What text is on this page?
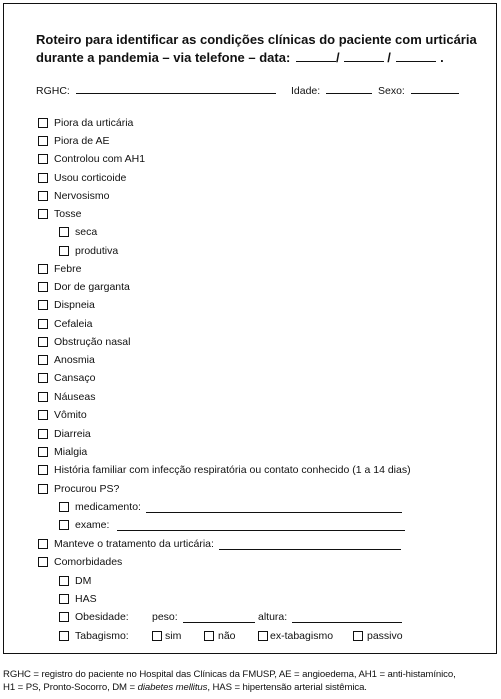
Roteiro para identificar as condições clínicas do paciente com urticária
durante a pandemia – via telefone – data:	/	/	.
RGHC:	Idade:	Sexo:
Piora da urticária
Piora de AE
Controlou com AH1
Usou corticoide
Nervosismo
Tosse
seca
produtiva
Febre
Dor de garganta
Dispneia
Cefaleia
Obstrução nasal
Anosmia
Cansaço
Náuseas
Vômito
Diarreia
Mialgia
História familiar com infecção respiratória ou contato conhecido (1 a 14 dias)
Procurou PS?
medicamento:
exame:
Manteve o tratamento da urticária:
Comorbidades
DM
HAS
Obesidade: peso:	altura:
Tabagismo:	sim	não	ex-tabagismo	passivo
RGHC = registro do paciente no Hospital das Clínicas da FMUSP, AE = angioedema, AH1 = anti-histamínico,
H1 = PS, Pronto-Socorro, DM = diabetes mellitus, HAS = hipertensão arterial sistêmica.
